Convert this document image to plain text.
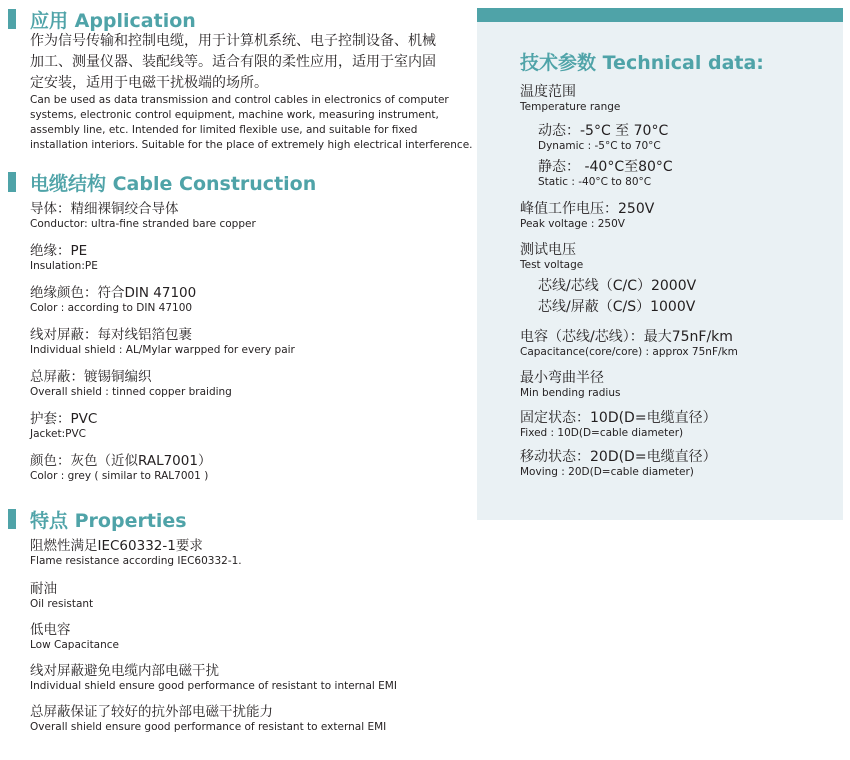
应用 Application
作为信号传输和控制电缆，用于计算机系统、电子控制设备、机械
加工、测量仪器、装配线等。适合有限的柔性应用，适用于室内固
定安装，适用于电磁干扰极端的场所。
Can be used as data transmission and control cables in electronics of computer
systems, electronic control equipment, machine work, measuring instrument,
assembly line, etc. Intended for limited flexible use, and suitable for fixed
installation interiors. Suitable for the place of extremely high electrical interference.
电缆结构 Cable Construction
导体：精细裸铜绞合导体
Conductor: ultra-fine stranded bare copper
绝缘：PE
Insulation:PE
绝缘颜色：符合DIN 47100
Color : according to DIN 47100
线对屏蔽：每对线铝箔包裹
Individual shield : AL/Mylar warpped for every pair
总屏蔽：镀锡铜编织
Overall shield : tinned copper braiding
护套：PVC
Jacket:PVC
颜色：灰色（近似RAL7001）
Color : grey ( similar to RAL7001 )
特点 Properties
阻燃性满足IEC60332-1要求
Flame resistance according IEC60332-1.
耐油
Oil resistant
低电容
Low Capacitance
线对屏蔽避免电缆内部电磁干扰
Individual shield ensure good performance of resistant to internal EMI
总屏蔽保证了较好的抗外部电磁干扰能力
Overall shield ensure good performance of resistant to external EMI
技术参数 Technical data:
温度范围
Temperature range
动态：-5°C 至 70°C
Dynamic : -5°C to 70°C
静态： -40°C至80°C
Static : -40°C to 80°C
峰值工作电压：250V
Peak voltage : 250V
测试电压
Test voltage
芯线/芯线（C/C）2000V
芯线/屏蔽（C/S）1000V
电容（芯线/芯线）：最大75nF/km
Capacitance(core/core) : approx 75nF/km
最小弯曲半径
Min bending radius
固定状态：10D(D=电缆直径）
Fixed : 10D(D=cable diameter)
移动状态：20D(D=电缆直径）
Moving : 20D(D=cable diameter)
